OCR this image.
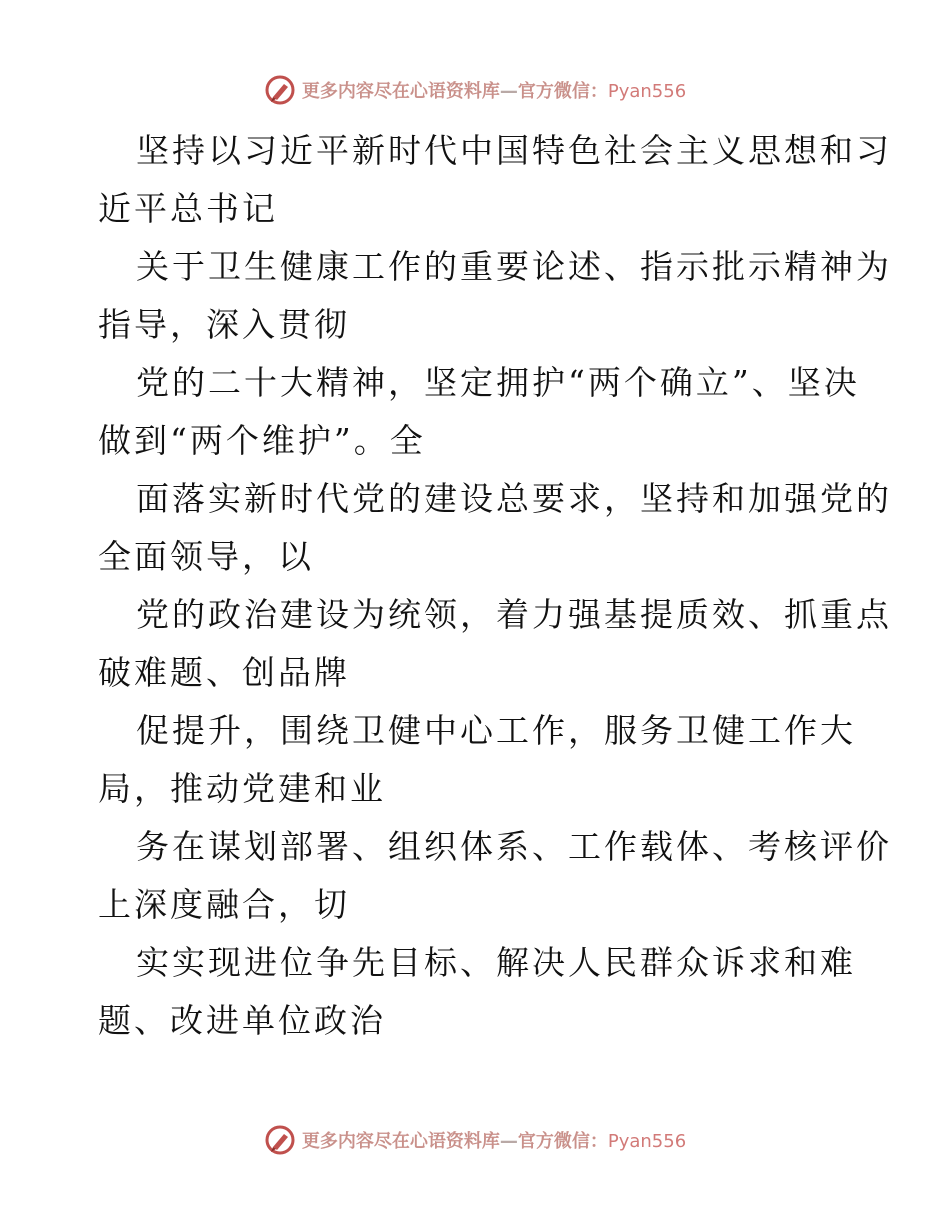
更多内容尽在心语资料库—官方微信：Pyan556
坚持以习近平新时代中国特色社会主义思想和习
近平总书记
关于卫生健康工作的重要论述、指示批示精神为
指导，深入贯彻
党的二十大精神，坚定拥护“两个确立”、坚决
做到“两个维护”。全
面落实新时代党的建设总要求，坚持和加强党的
全面领导，以
党的政治建设为统领，着力强基提质效、抓重点
破难题、创品牌
促提升，围绕卫健中心工作，服务卫健工作大
局，推动党建和业
务在谋划部署、组织体系、工作载体、考核评价
上深度融合，切
实实现进位争先目标、解决人民群众诉求和难
题、改进单位政治
更多内容尽在心语资料库—官方微信：Pyan556
